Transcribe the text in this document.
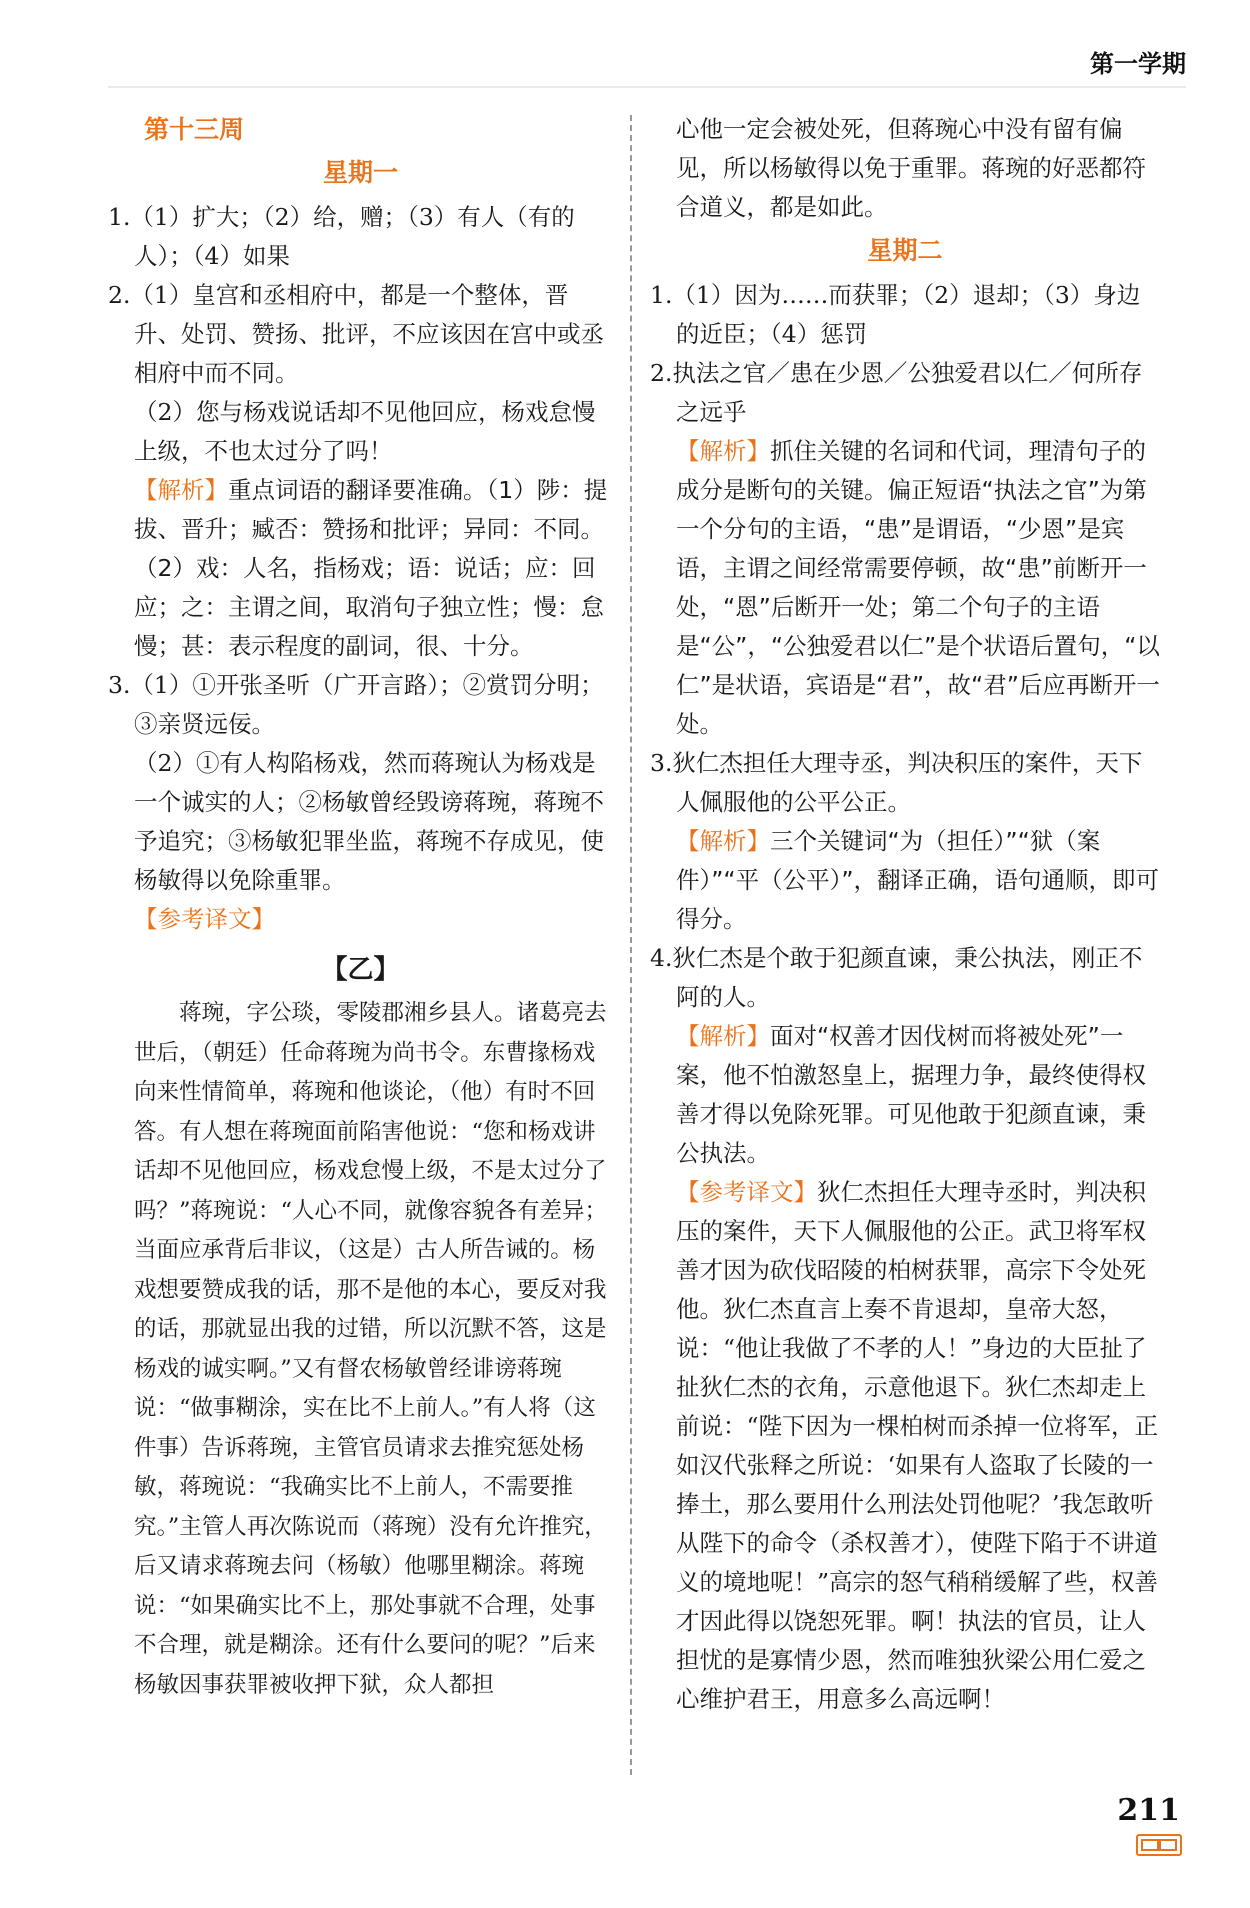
第一学期
第十三周
星期一

1.（1）扩大；（2）给，赠；（3）有人（有的人）；（4）如果

2.（1）皇宫和丞相府中，都是一个整体，晋升、处罚、赞扬、批评，不应该因在宫中或丞相府中而不同。

（2）您与杨戏说话却不见他回应，杨戏怠慢上级，不也太过分了吗！

【解析】重点词语的翻译要准确。（1）陟：提拔、晋升；臧否：赞扬和批评；异同：不同。（2）戏：人名，指杨戏；语：说话；应：回应；之：主谓之间，取消句子独立性；慢：怠慢；甚：表示程度的副词，很、十分。

3.（1）①开张圣听（广开言路）；②赏罚分明；③亲贤远佞。

（2）①有人构陷杨戏，然而蒋琬认为杨戏是一个诚实的人；②杨敏曾经毁谤蒋琬，蒋琬不予追究；③杨敏犯罪坐监，蒋琬不存成见，使杨敏得以免除重罪。

【参考译文】

【乙】

蒋琬，字公琰，零陵郡湘乡县人。诸葛亮去世后，（朝廷）任命蒋琬为尚书令。东曹掾杨戏向来性情简单，蒋琬和他谈论，（他）有时不回答。有人想在蒋琬面前陷害他说：“您和杨戏讲话却不见他回应，杨戏怠慢上级，不是太过分了吗？”蒋琬说：“人心不同，就像容貌各有差异；当面应承背后非议，（这是）古人所告诫的。杨戏想要赞成我的话，那不是他的本心，要反对我的话，那就显出我的过错，所以沉默不答，这是杨戏的诚实啊。”又有督农杨敏曾经诽谤蒋琬说：“做事糊涂，实在比不上前人。”有人将（这件事）告诉蒋琬，主管官员请求去推究惩处杨敏，蒋琬说：“我确实比不上前人，不需要推究。”主管人再次陈说而（蒋琬）没有允许推究，后又请求蒋琬去问（杨敏）他哪里糊涂。蒋琬说：“如果确实比不上，那处事就不合理，处事不合理，就是糊涂。还有什么要问的呢？”后来杨敏因事获罪被收押下狱，众人都担

心他一定会被处死，但蒋琬心中没有留有偏见，所以杨敏得以免于重罪。蒋琬的好恶都符合道义，都是如此。

星期二

1.（1）因为……而获罪；（2）退却；（3）身边的近臣；（4）惩罚

2.执法之官／患在少恩／公独爱君以仁／何所存之远乎

【解析】抓住关键的名词和代词，理清句子的成分是断句的关键。偏正短语“执法之官”为第一个分句的主语，“患”是谓语，“少恩”是宾语，主谓之间经常需要停顿，故“患”前断开一处，“恩”后断开一处；第二个句子的主语是“公”，“公独爱君以仁”是个状语后置句，“以仁”是状语，宾语是“君”，故“君”后应再断开一处。

3.狄仁杰担任大理寺丞，判决积压的案件，天下人佩服他的公平公正。

【解析】三个关键词“为（担任）”“狱（案件）”“平（公平）”，翻译正确，语句通顺，即可得分。

4.狄仁杰是个敢于犯颜直谏，秉公执法，刚正不阿的人。

【解析】面对“权善才因伐树而将被处死”一案，他不怕激怒皇上，据理力争，最终使得权善才得以免除死罪。可见他敢于犯颜直谏，秉公执法。

【参考译文】狄仁杰担任大理寺丞时，判决积压的案件，天下人佩服他的公正。武卫将军权善才因为砍伐昭陵的柏树获罪，高宗下令处死他。狄仁杰直言上奏不肯退却，皇帝大怒，说：“他让我做了不孝的人！”身边的大臣扯了扯狄仁杰的衣角，示意他退下。狄仁杰却走上前说：“陛下因为一棵柏树而杀掉一位将军，正如汉代张释之所说：‘如果有人盗取了长陵的一捧土，那么要用什么刑法处罚他呢？’我怎敢听从陛下的命令（杀权善才），使陛下陷于不讲道义的境地呢！”高宗的怒气稍稍缓解了些，权善才因此得以饶恕死罪。啊！执法的官员，让人担忧的是寡情少恩，然而唯独狄梁公用仁爱之心维护君王，用意多么高远啊！

211
